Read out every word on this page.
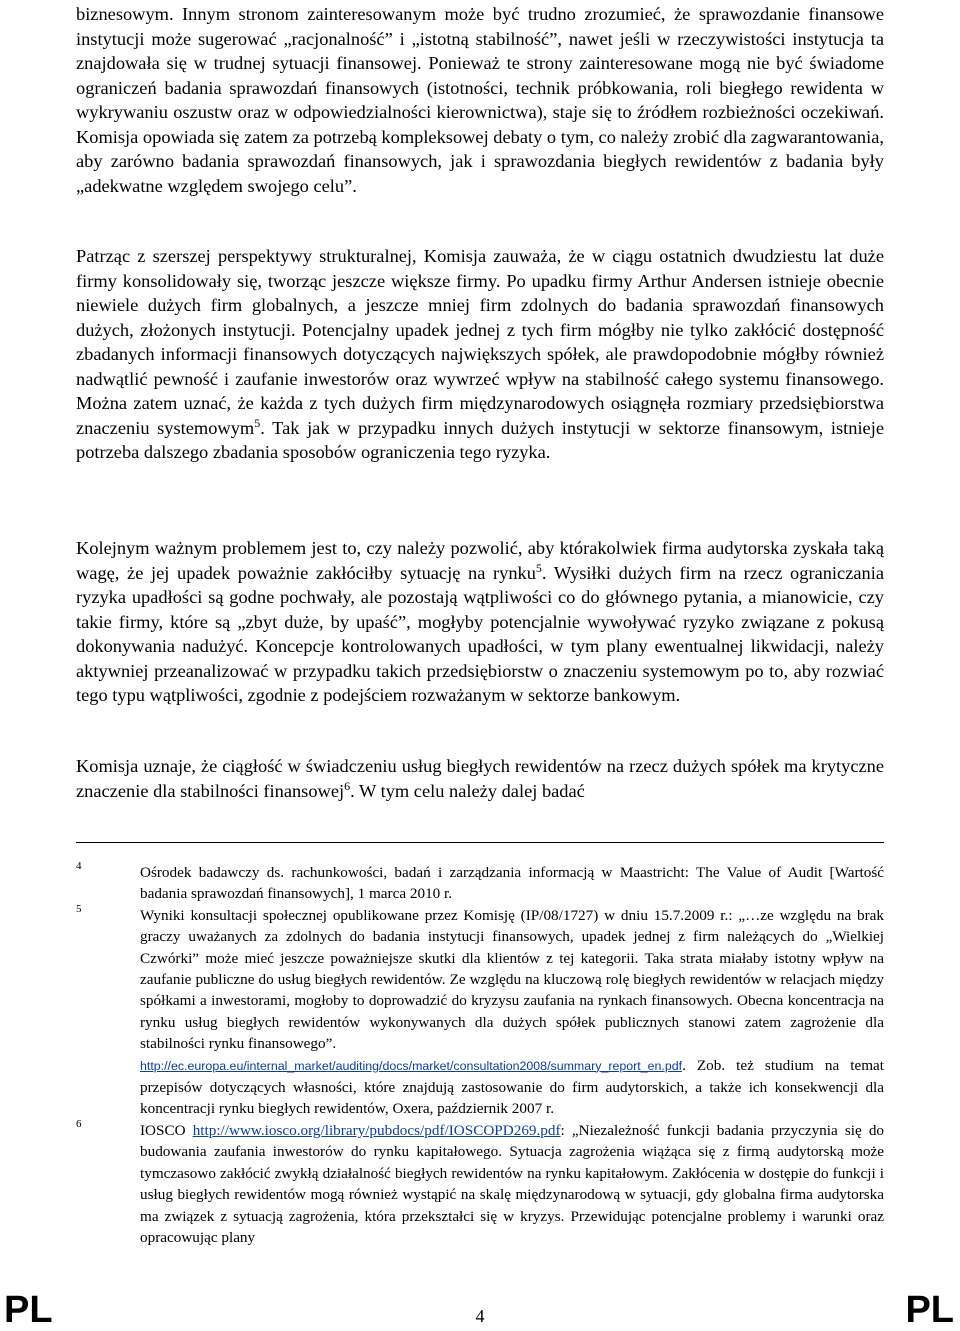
biznesowym. Innym stronom zainteresowanym może być trudno zrozumieć, że sprawozdanie finansowe instytucji może sugerować „racjonalność” i „istotną stabilność”, nawet jeśli w rzeczywistości instytucja ta znajdowała się w trudnej sytuacji finansowej. Ponieważ te strony zainteresowane mogą nie być świadome ograniczeń badania sprawozdań finansowych (istotności, technik próbkowania, roli biegłego rewidenta w wykrywaniu oszustw oraz w odpowiedzialności kierownictwa), staje się to źródłem rozbieżności oczekiwań. Komisja opowiada się zatem za potrzebą kompleksowej debaty o tym, co należy zrobić dla zagwarantowania, aby zarówno badania sprawozdań finansowych, jak i sprawozdania biegłych rewidentów z badania były „adekwatne względem swojego celu”.

Patrząc z szerszej perspektywy strukturalnej, Komisja zauważa, że w ciągu ostatnich dwudziestu lat duże firmy konsolidowały się, tworząc jeszcze większe firmy. Po upadku firmy Arthur Andersen istnieje obecnie niewiele dużych firm globalnych, a jeszcze mniej firm zdolnych do badania sprawozdań finansowych dużych, złożonych instytucji. Potencjalny upadek jednej z tych firm mógłby nie tylko zakłócić dostępność zbadanych informacji finansowych dotyczących największych spółek, ale prawdopodobnie mógłby również nadwątlić pewność i zaufanie inwestorów oraz wywrzeć wpływ na stabilność całego systemu finansowego. Można zatem uznać, że każda z tych dużych firm międzynarodowych osiągnęła rozmiary przedsiębiorstwa znaczeniu systemowym$^5$. Tak jak w przypadku innych dużych instytucji w sektorze finansowym, istnieje potrzeba dalszego zbadania sposobów ograniczenia tego ryzyka.

Kolejnym ważnym problemem jest to, czy należy pozwolić, aby którakolwiek firma audytorska zyskała taką wagę, że jej upadek poważnie zakłóciłby sytuację na rynku$^5$. Wysiłki dużych firm na rzecz ograniczania ryzyka upadłości są godne pochwały, ale pozostają wątpliwości co do głównego pytania, a mianowicie, czy takie firmy, które są „zbyt duże, by upaść”, mogłyby potencjalnie wywoływać ryzyko związane z pokusą dokonywania nadużyć. Koncepcje kontrolowanych upadłości, w tym plany ewentualnej likwidacji, należy aktywniej przeanalizować w przypadku takich przedsiębiorstw o znaczeniu systemowym po to, aby rozwiać tego typu wątpliwości, zgodnie z podejściem rozważanym w sektorze bankowym.

Komisja uznaje, że ciągłość w świadczeniu usług biegłych rewidentów na rzecz dużych spółek ma krytyczne znaczenie dla stabilności finansowej$^6$. W tym celu należy dalej badać

4	Ośrodek badawczy ds. rachunkowości, badań i zarządzania informacją w Maastricht: The Value of Audit [Wartość badania sprawozdań finansowych], 1 marca 2010 r.
5	Wyniki konsultacji społecznej opublikowane przez Komisję (IP/08/1727) w dniu 15.7.2009 r.: „…ze względu na brak graczy uważanych za zdolnych do badania instytucji finansowych, upadek jednej z firm należących do „Wielkiej Czwórki” może mieć jeszcze poważniejsze skutki dla klientów z tej kategorii. Taka strata miałaby istotny wpływ na zaufanie publiczne do usług biegłych rewidentów. Ze względu na kluczową rolę biegłych rewidentów w relacjach między spółkami a inwestorami, mogłoby to doprowadzić do kryzysu zaufania na rynkach finansowych. Obecna koncentracja na rynku usług biegłych rewidentów wykonywanych dla dużych spółek publicznych stanowi zatem zagrożenie dla stabilności rynku finansowego”.
http://ec.europa.eu/internal_market/auditing/docs/market/consultation2008/summary_report_en.pdf. Zob. też studium na temat przepisów dotyczących własności, które znajdują zastosowanie do firm audytorskich, a także ich konsekwencji dla koncentracji rynku biegłych rewidentów, Oxera, październik 2007 r.
6	IOSCO http://www.iosco.org/library/pubdocs/pdf/IOSCOPD269.pdf: „Niezależność funkcji badania przyczynia się do budowania zaufania inwestorów do rynku kapitałowego. Sytuacja zagrożenia wiążąca się z firmą audytorską może tymczasowo zakłócić zwykłą działalność biegłych rewidentów na rynku kapitałowym. Zakłócenia w dostępie do funkcji i usług biegłych rewidentów mogą również wystąpić na skalę międzynarodową w sytuacji, gdy globalna firma audytorska ma związek z sytuacją zagrożenia, która przekształci się w kryzys. Przewidując potencjalne problemy i warunki oraz opracowując plany
PL	4	PL
